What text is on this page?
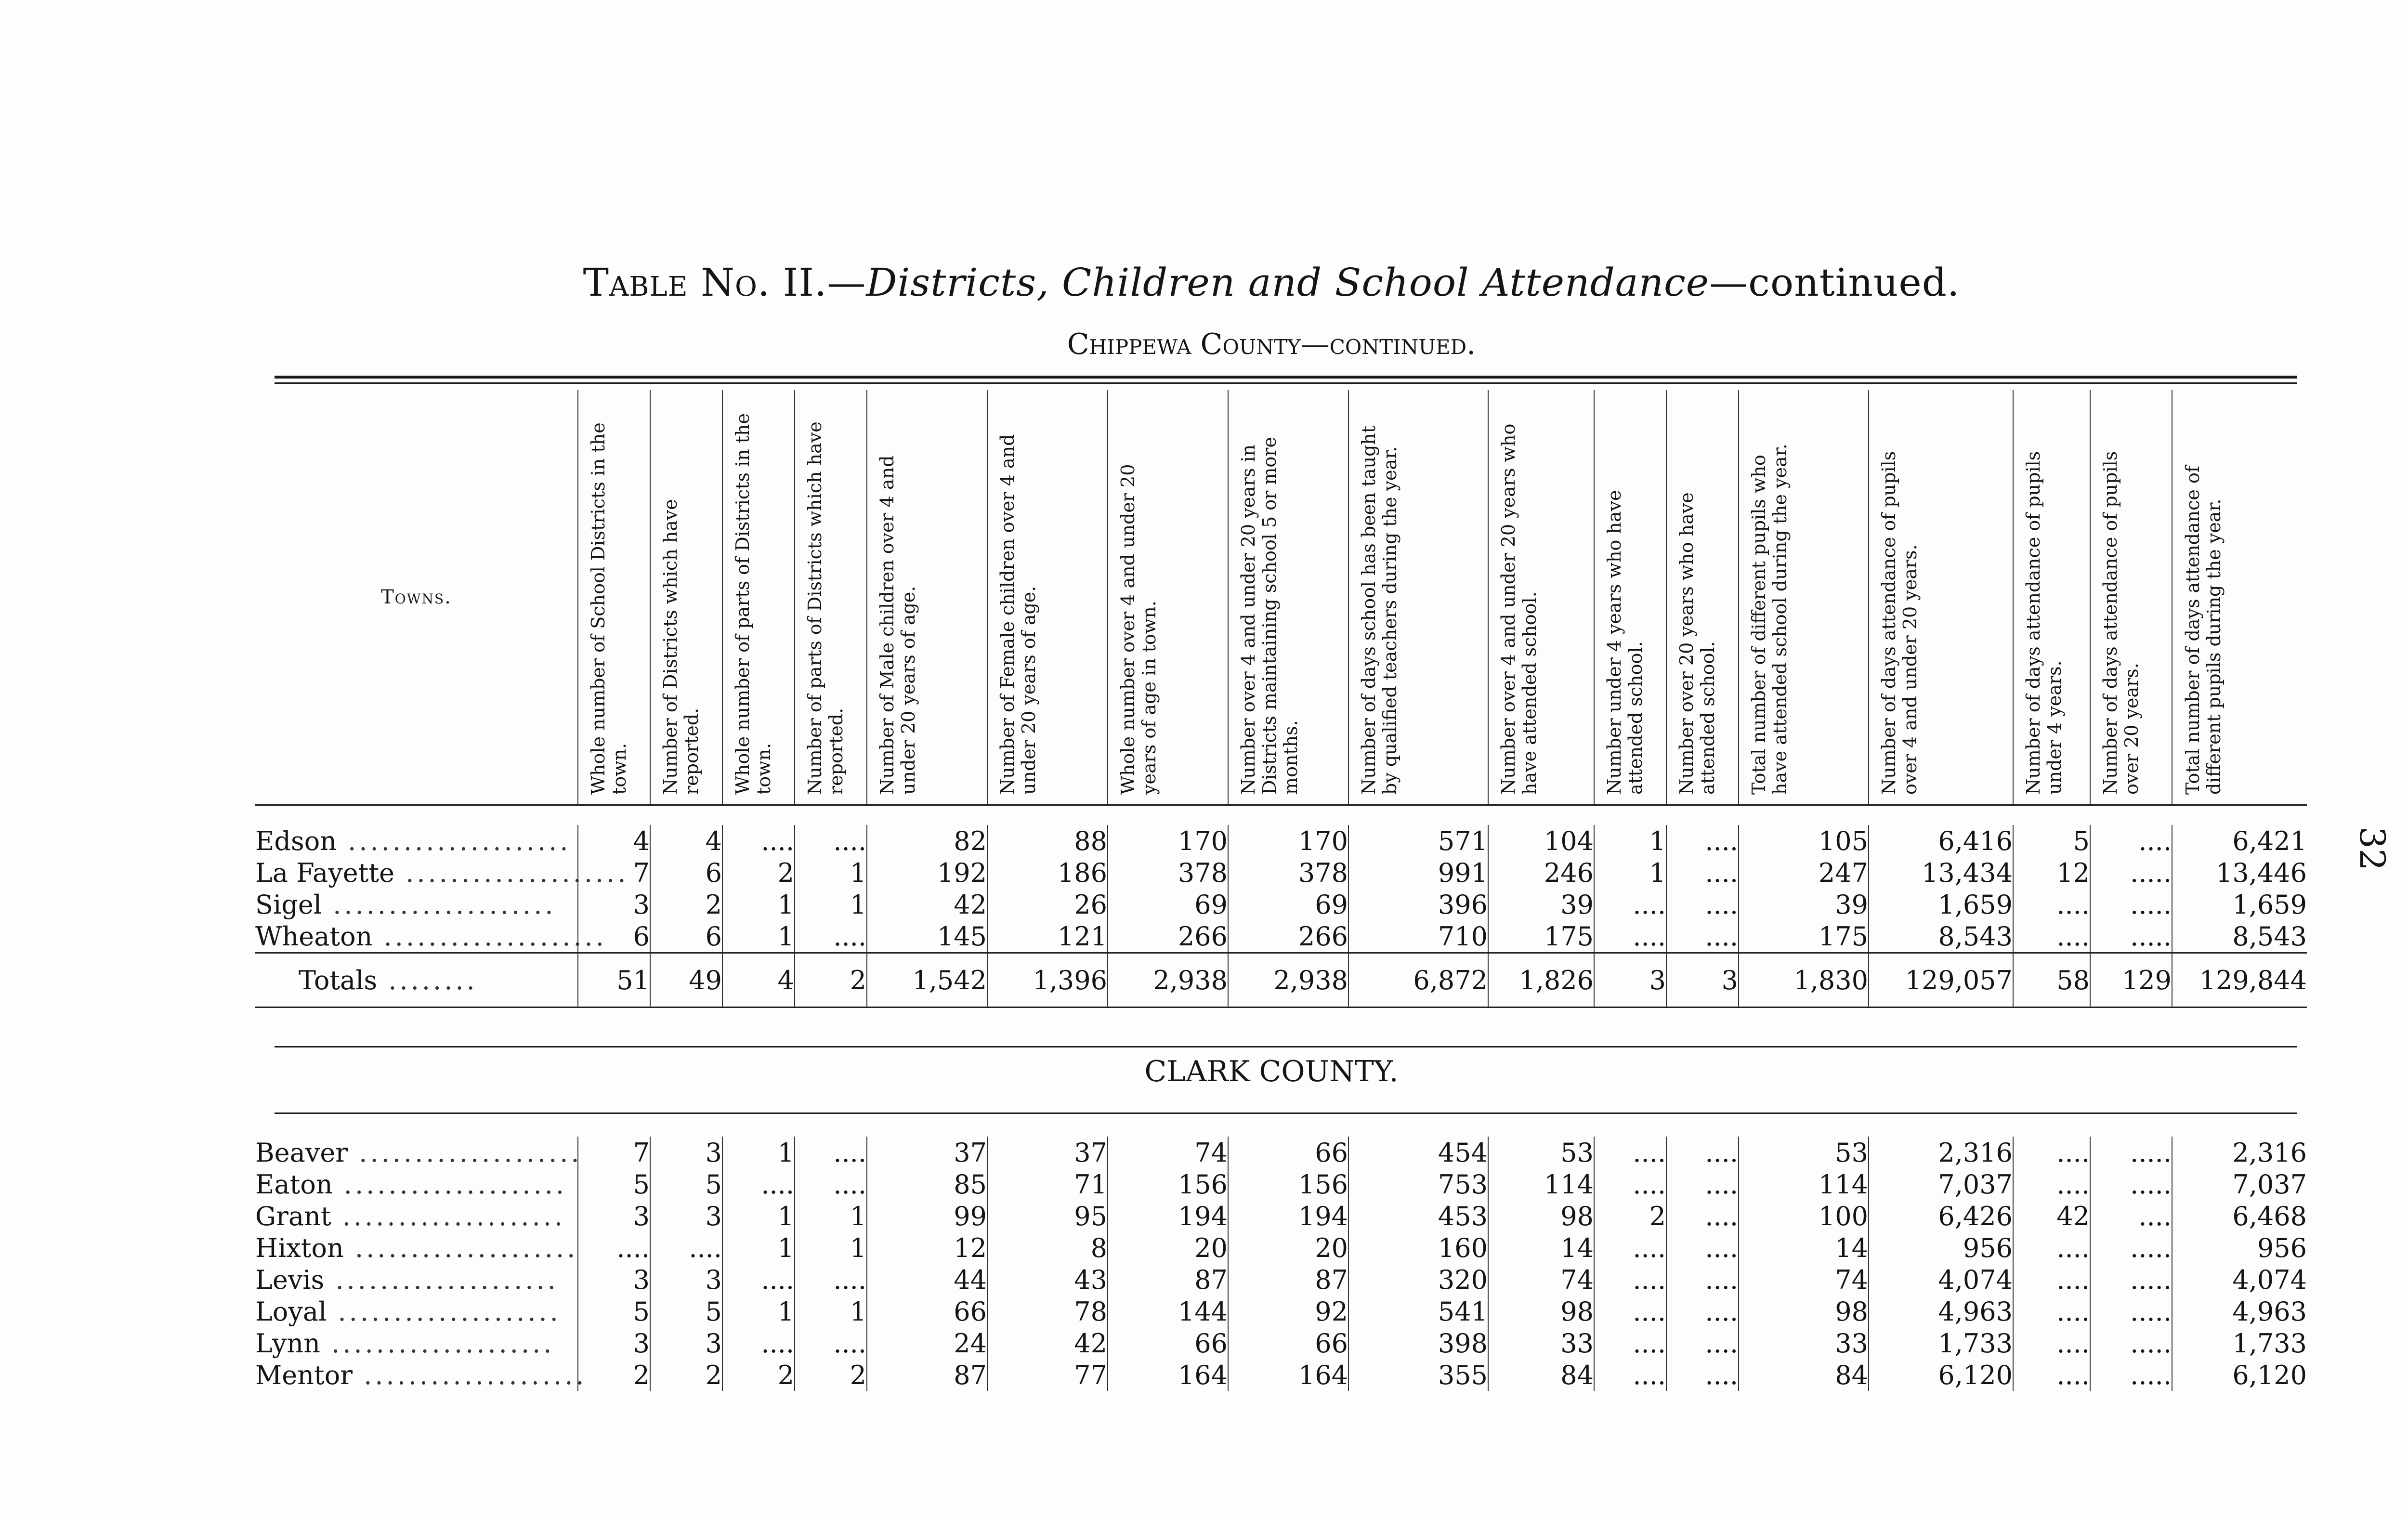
Table No. II.—Districts, Children and School Attendance—continued.
Chippewa County—continued.
32
Towns.	Whole number of School Districts in the town.	Number of Districts which have reported.	Whole number of parts of Districts in the town.	Number of parts of Districts which have reported.	Number of Male children over 4 and under 20 years of age.	Number of Female children over 4 and under 20 years of age.	Whole number over 4 and under 20 years of age in town.	Number over 4 and under 20 years in Districts maintaining school 5 or more months.	Number of days school has been taught by qualified teachers during the year.	Number over 4 and under 20 years who have attended school.	Number under 4 years who have attended school.	Number over 20 years who have attended school.	Total number of different pupils who have attended school during the year.	Number of days attendance of pupils over 4 and under 20 years.	Number of days attendance of pupils under 4 years.	Number of days attendance of pupils over 20 years.	Total number of days attendance of different pupils during the year.

Edson ....................	4	4	....	....	82	88	170	170	571	104	1	....	105	6,416	5	....	6,421
La Fayette ....................	7	6	2	1	192	186	378	378	991	246	1	....	247	13,434	12	.....	13,446
Sigel ....................	3	2	1	1	42	26	69	69	396	39	....	....	39	1,659	....	.....	1,659
Wheaton ....................	6	6	1	....	145	121	266	266	710	175	....	....	175	8,543	....	.....	8,543
Totals ........	51	49	4	2	1,542	1,396	2,938	2,938	6,872	1,826	3	3	1,830	129,057	58	129	129,844
CLARK COUNTY.
Beaver ....................	7	3	1	....	37	37	74	66	454	53	....	....	53	2,316	....	.....	2,316
Eaton ....................	5	5	....	....	85	71	156	156	753	114	....	....	114	7,037	....	.....	7,037
Grant ....................	3	3	1	1	99	95	194	194	453	98	2	....	100	6,426	42	....	6,468
Hixton ....................	....	....	1	1	12	8	20	20	160	14	....	....	14	956	....	.....	956
Levis ....................	3	3	....	....	44	43	87	87	320	74	....	....	74	4,074	....	.....	4,074
Loyal ....................	5	5	1	1	66	78	144	92	541	98	....	....	98	4,963	....	.....	4,963
Lynn ....................	3	3	....	....	24	42	66	66	398	33	....	....	33	1,733	....	.....	1,733
Mentor ....................	2	2	2	2	87	77	164	164	355	84	....	....	84	6,120	....	.....	6,120
